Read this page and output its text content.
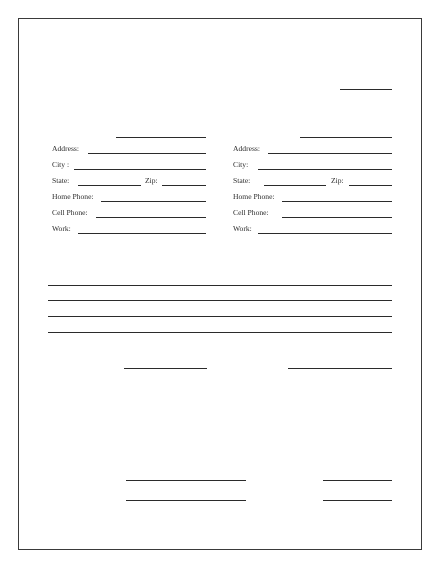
Address:
City :
State:	Zip:
Home Phone:
Cell Phone:
Work:
Address:
City:
State:	Zip:
Home Phone:
Cell Phone:
Work:
